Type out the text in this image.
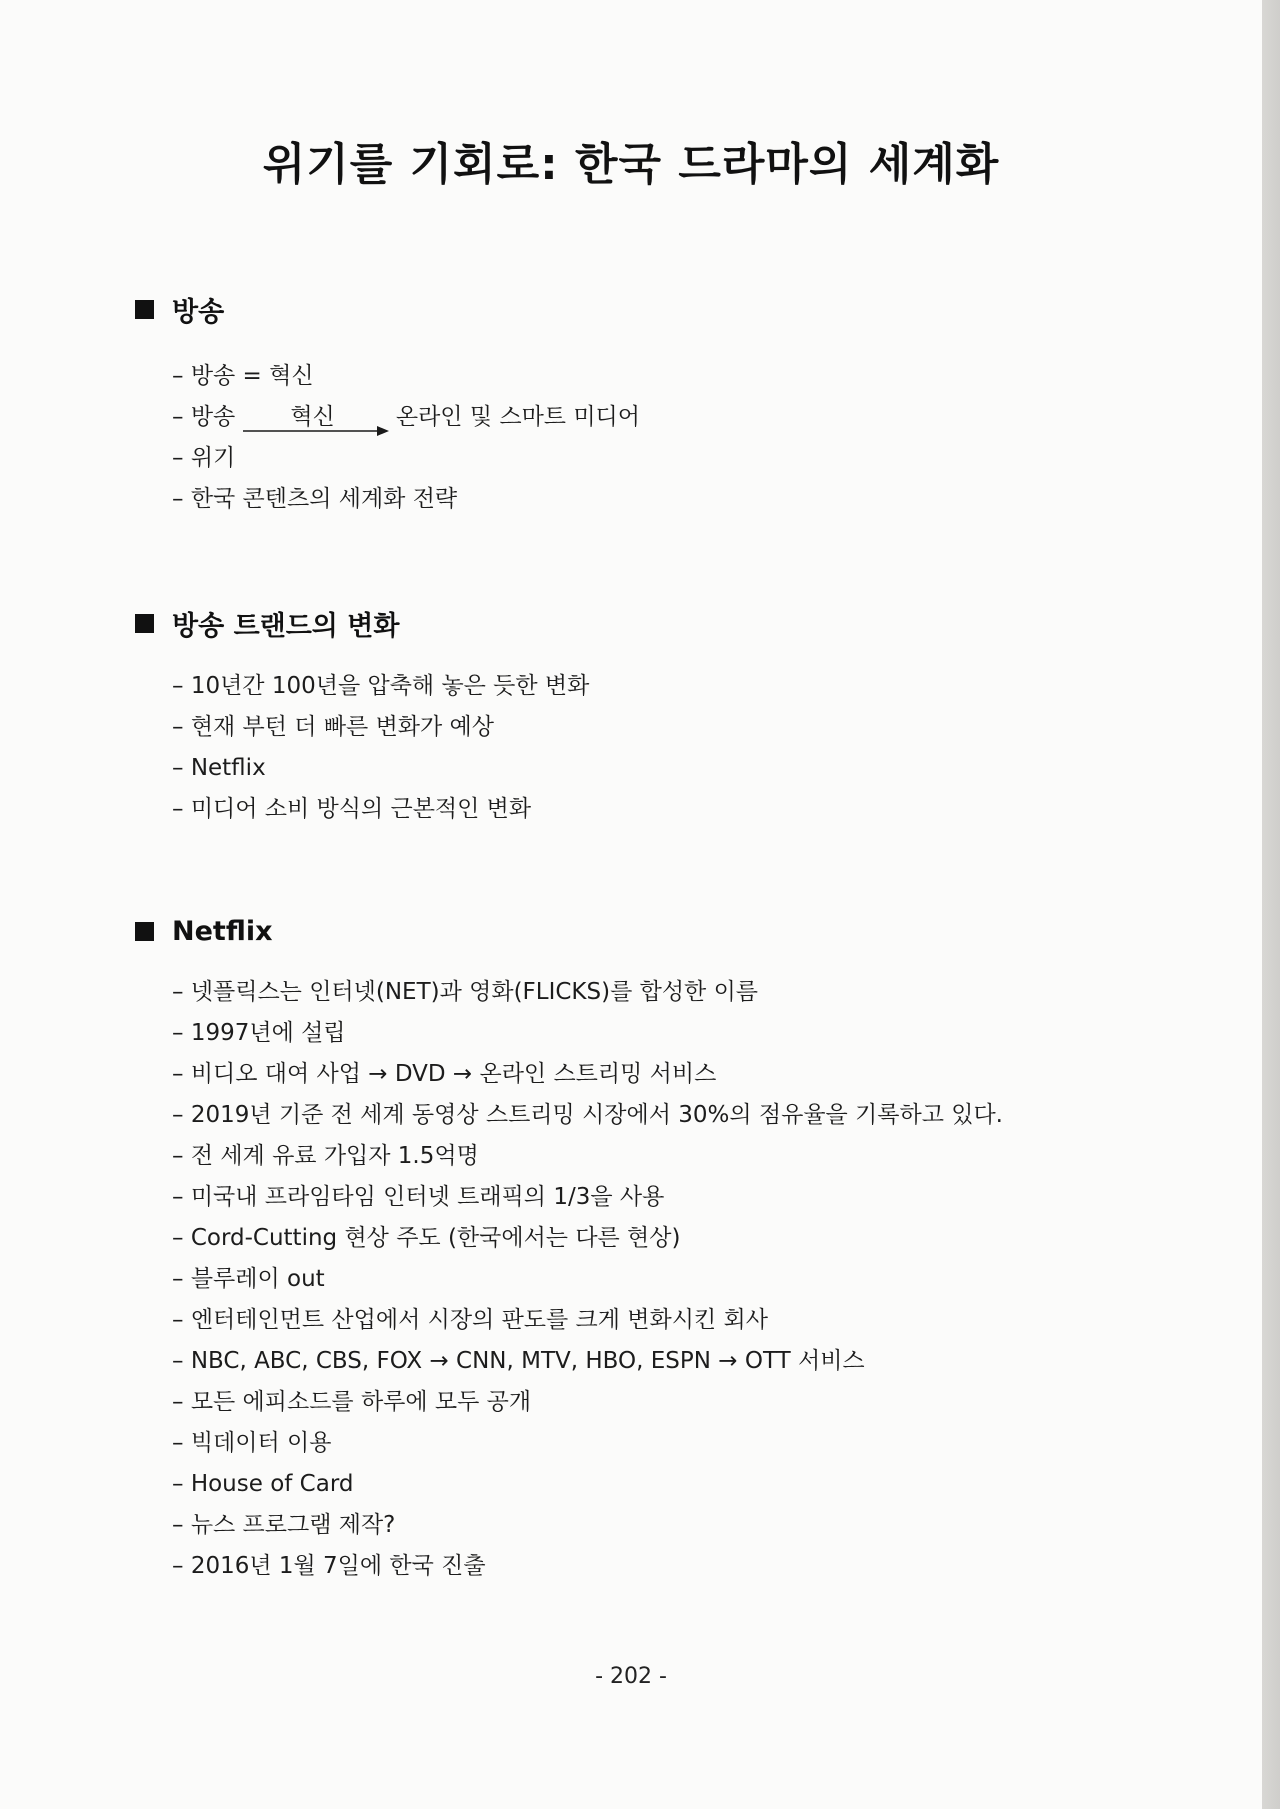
위기를 기회로: 한국 드라마의 세계화
방송
– 방송 = 혁신
– 방송 혁신	온라인 및 스마트 미디어
– 위기
– 한국 콘텐츠의 세계화 전략
방송 트랜드의 변화
– 10년간 100년을 압축해 놓은 듯한 변화
– 현재 부턴 더 빠른 변화가 예상
– Netflix
– 미디어 소비 방식의 근본적인 변화
Netflix
– 넷플릭스는 인터넷(NET)과 영화(FLICKS)를 합성한 이름
– 1997년에 설립
– 비디오 대여 사업 → DVD → 온라인 스트리밍 서비스
– 2019년 기준 전 세계 동영상 스트리밍 시장에서 30%의 점유율을 기록하고 있다.
– 전 세계 유료 가입자 1.5억명
– 미국내 프라임타임 인터넷 트래픽의 1/3을 사용
– Cord-Cutting 현상 주도 (한국에서는 다른 현상)
– 블루레이 out
– 엔터테인먼트 산업에서 시장의 판도를 크게 변화시킨 회사
– NBC, ABC, CBS, FOX → CNN, MTV, HBO, ESPN → OTT 서비스
– 모든 에피소드를 하루에 모두 공개
– 빅데이터 이용
– House of Card
– 뉴스 프로그램 제작?
– 2016년 1월 7일에 한국 진출
- 202 -
